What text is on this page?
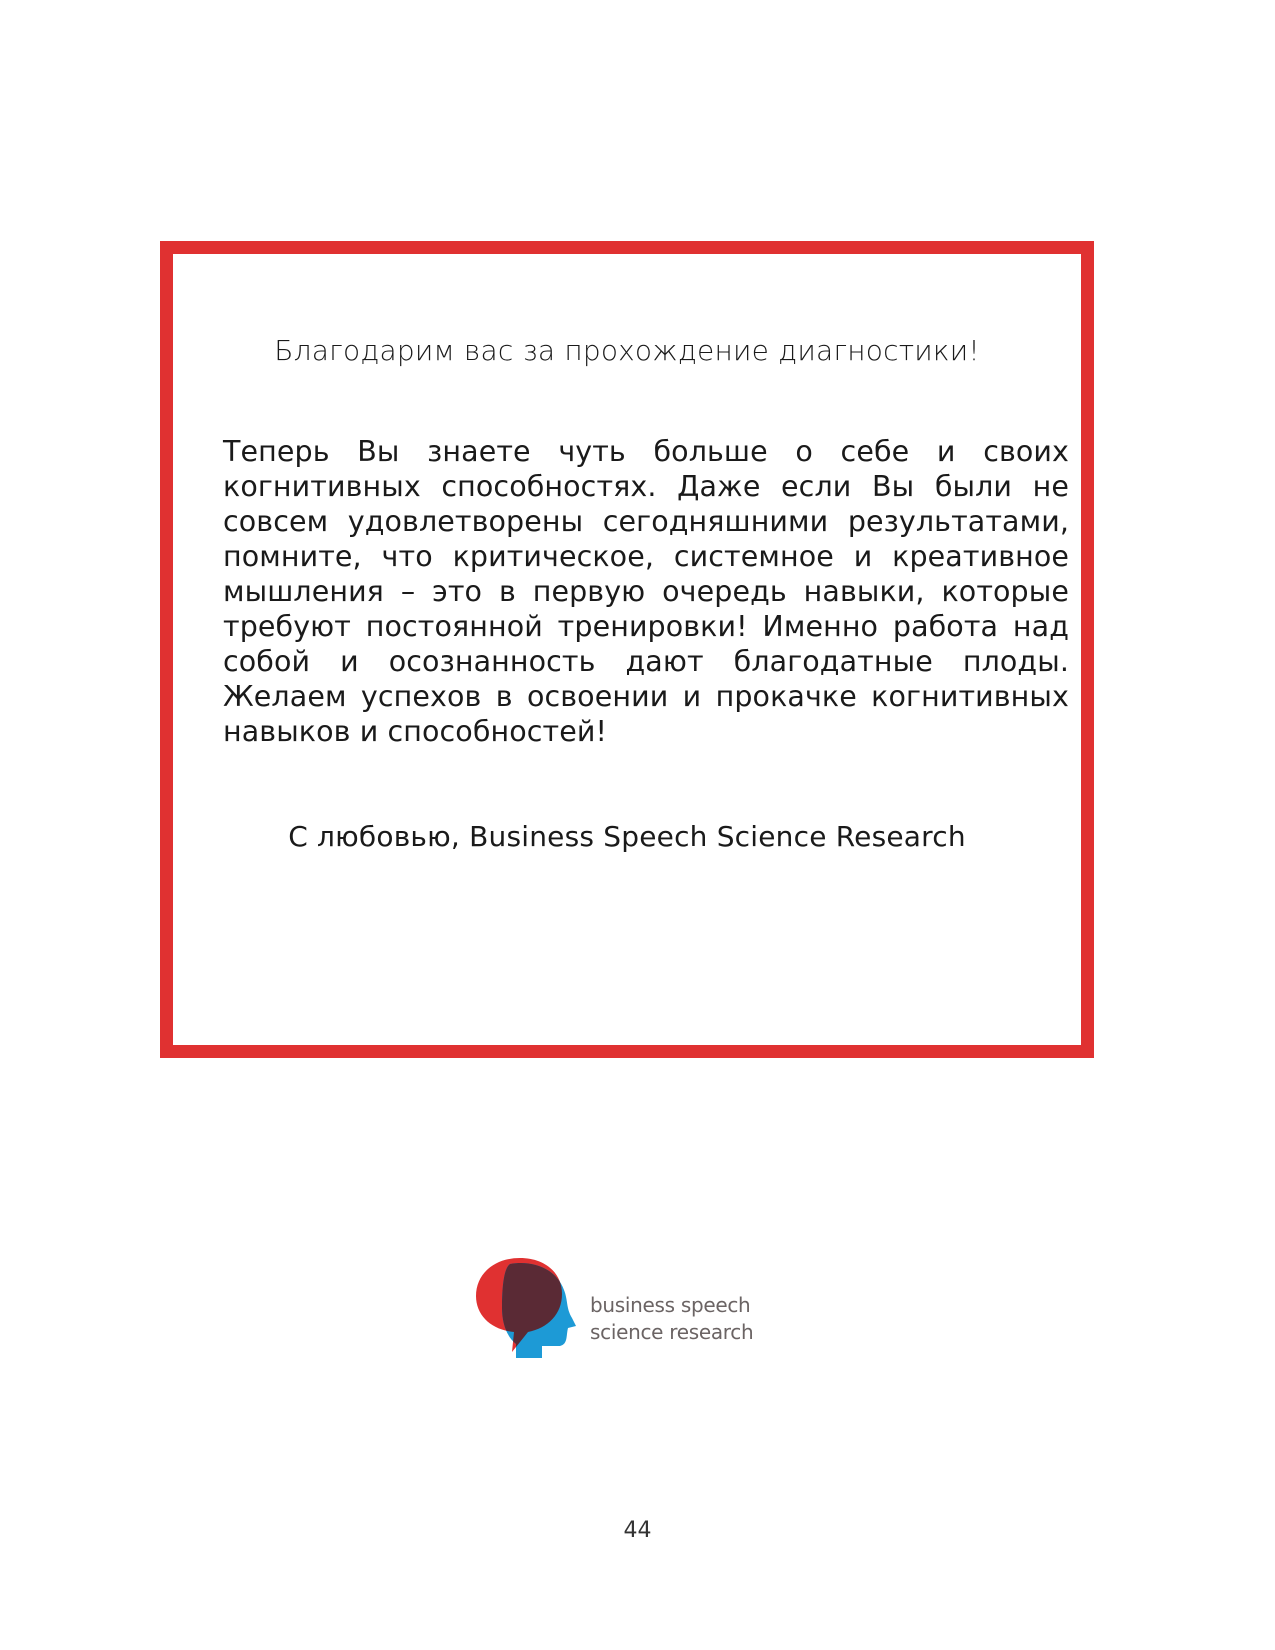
Благодарим вас за прохождение диагностики!

Теперь Вы знаете чуть больше о себе и своих когнитивных способностях. Даже если Вы были не совсем удовлетворены сегодняшними результатами, помните, что критическое, системное и креативное мышления – это в первую очередь навыки, которые требуют постоянной тренировки! Именно работа над собой и осознанность дают благодатные плоды. Желаем успехов в освоении и прокачке когнитивных навыков и способностей!

С любовью, Business Speech Science Research

business speech
science research
44
